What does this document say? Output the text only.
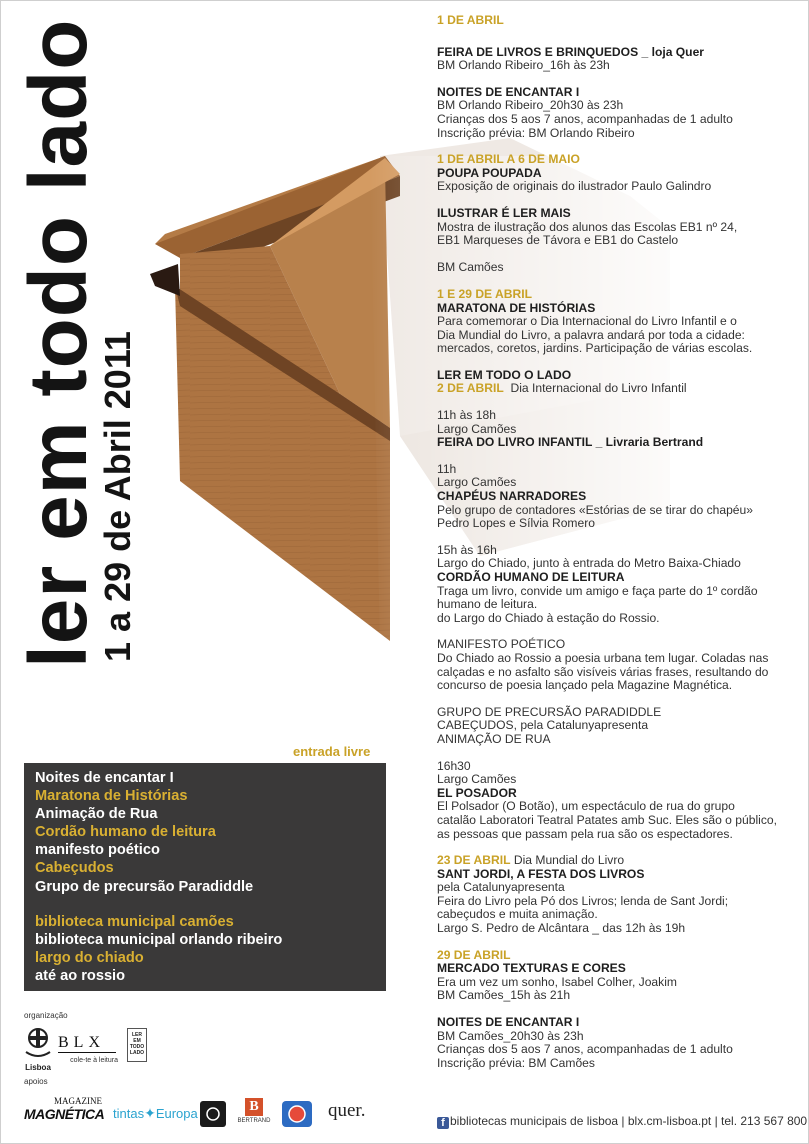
ler em todo lado
1 a 29 de Abril 2011
1 DE ABRIL
FEIRA DE LIVROS E BRINQUEDOS _ loja Quer
BM Orlando Ribeiro_16h às 23h
NOITES DE ENCANTAR I
BM Orlando Ribeiro_20h30 às 23h
Crianças dos 5 aos 7 anos, acompanhadas de 1 adulto
Inscrição prévia: BM Orlando Ribeiro
1 DE ABRIL A 6 DE MAIO
POUPA POUPADA
Exposição de originais do ilustrador Paulo Galindro
ILUSTRAR É LER MAIS
Mostra de ilustração dos alunos das Escolas EB1 nº 24,
EB1 Marqueses de Távora e EB1 do Castelo
BM Camões
1 E 29 DE ABRIL
MARATONA DE HISTÓRIAS
Para comemorar o Dia Internacional do Livro Infantil e o
Dia Mundial do Livro, a palavra andará por toda a cidade:
mercados, coretos, jardins. Participação de várias escolas.
LER EM TODO O LADO
2 DE ABRIL Dia Internacional do Livro Infantil
11h às 18h
Largo Camões
FEIRA DO LIVRO INFANTIL _ Livraria Bertrand
11h
Largo Camões
CHAPÉUS NARRADORES
Pelo grupo de contadores «Estórias de se tirar do chapéu»
Pedro Lopes e Sílvia Romero
15h às 16h
Largo do Chiado, junto à entrada do Metro Baixa-Chiado
CORDÃO HUMANO DE LEITURA
Traga um livro, convide um amigo e faça parte do 1º cordão
humano de leitura.
do Largo do Chiado à estação do Rossio.
MANIFESTO POÉTICO
Do Chiado ao Rossio a poesia urbana tem lugar. Coladas nas
calçadas e no asfalto são visíveis várias frases, resultando do
concurso de poesia lançado pela Magazine Magnética.
GRUPO DE PRECURSÃO PARADIDDLE
CABEÇUDOS, pela Catalunyapresenta
ANIMAÇÃO DE RUA
16h30
Largo Camões
EL POSADOR
El Polsador (O Botão), um espectáculo de rua do grupo
catalão Laboratori Teatral Patates amb Suc. Eles são o público,
as pessoas que passam pela rua são os espectadores.
23 DE ABRIL Dia Mundial do Livro
SANT JORDI, A FESTA DOS LIVROS
pela Catalunyapresenta
Feira do Livro pela Pó dos Livros; lenda de Sant Jordi;
cabeçudos e muita animação.
Largo S. Pedro de Alcântara _ das 12h às 19h
29 DE ABRIL
MERCADO TEXTURAS E CORES
Era um vez um sonho, Isabel Colher, Joakim
BM Camões_15h às 21h
NOITES DE ENCANTAR I
BM Camões_20h30 às 23h
Crianças dos 5 aos 7 anos, acompanhadas de 1 adulto
Inscrição prévia: BM Camões
entrada livre
Noites de encantar I
Maratona de Histórias
Animação de Rua
Cordão humano de leitura
manifesto poético
Cabeçudos
Grupo de precursão Paradiddle
biblioteca municipal camões
biblioteca municipal orlando ribeiro
largo do chiado
até ao rossio
organização
Lisboa
BLX
cole-te à leitura
LER EM TODO LADO
apoios
MAGAZINE
MAGNÉTICA tintas✦Europa	B
BERTRAND	quer.
f bibliotecas municipais de lisboa | blx.cm-lisboa.pt | tel. 213 567 800
